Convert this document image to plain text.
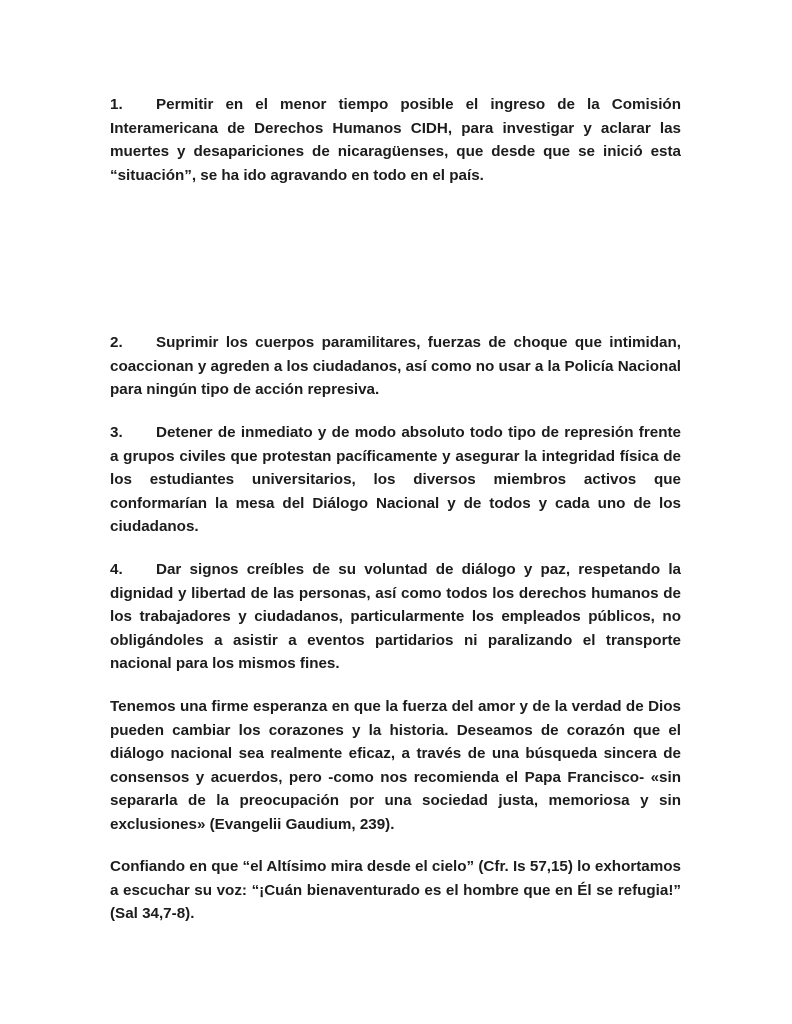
1. Permitir en el menor tiempo posible el ingreso de la Comisión Interamericana de Derechos Humanos CIDH, para investigar y aclarar las muertes y desapariciones de nicaragüenses, que desde que se inició esta “situación”, se ha ido agravando en todo en el país.

2. Suprimir los cuerpos paramilitares, fuerzas de choque que intimidan, coaccionan y agreden a los ciudadanos, así como no usar a la Policía Nacional para ningún tipo de acción represiva.

3. Detener de inmediato y de modo absoluto todo tipo de represión frente a grupos civiles que protestan pacíficamente y asegurar la integridad física de los estudiantes universitarios, los diversos miembros activos que conformarían la mesa del Diálogo Nacional y de todos y cada uno de los ciudadanos.

4. Dar signos creíbles de su voluntad de diálogo y paz, respetando la dignidad y libertad de las personas, así como todos los derechos humanos de los trabajadores y ciudadanos, particularmente los empleados públicos, no obligándoles a asistir a eventos partidarios ni paralizando el transporte nacional para los mismos fines.

Tenemos una firme esperanza en que la fuerza del amor y de la verdad de Dios pueden cambiar los corazones y la historia. Deseamos de corazón que el diálogo nacional sea realmente eficaz, a través de una búsqueda sincera de consensos y acuerdos, pero -como nos recomienda el Papa Francisco- «sin separarla de la preocupación por una sociedad justa, memoriosa y sin exclusiones» (Evangelii Gaudium, 239).

Confiando en que “el Altísimo mira desde el cielo” (Cfr. Is 57,15) lo exhortamos a escuchar su voz: “¡Cuán bienaventurado es el hombre que en Él se refugia!” (Sal 34,7-8).
